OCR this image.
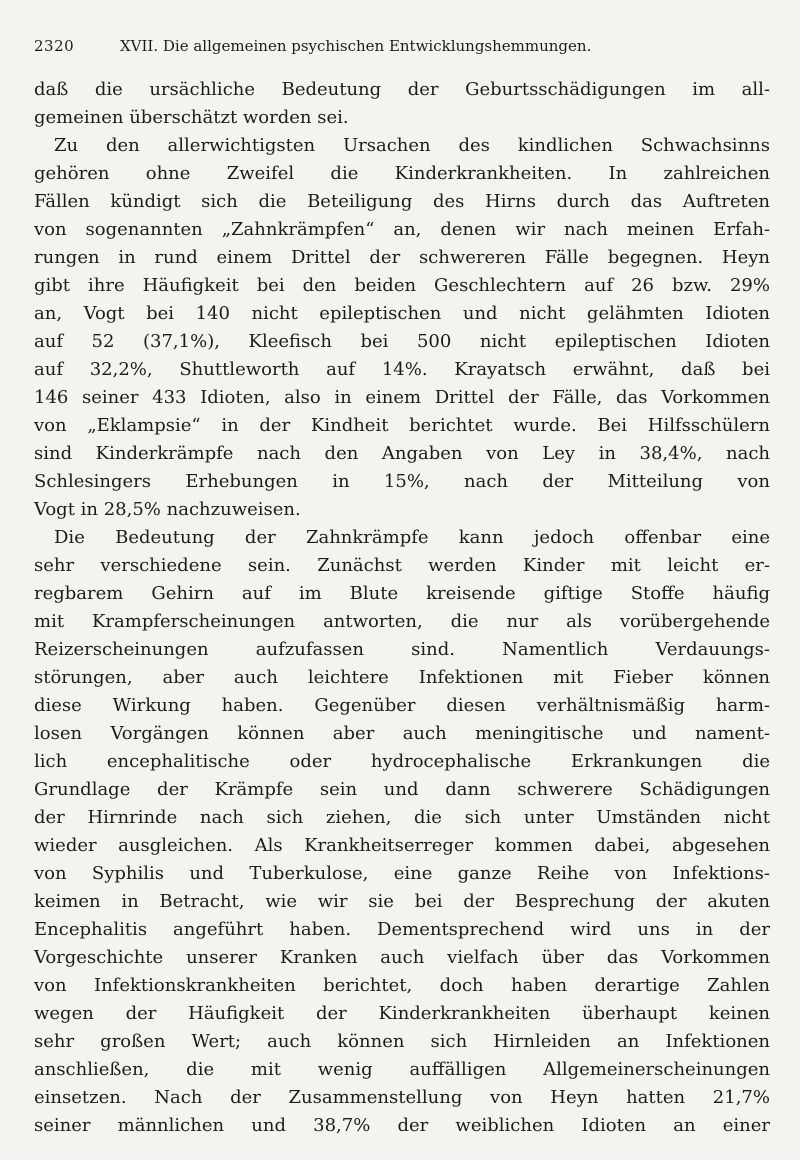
2320	XVII. Die allgemeinen psychischen Entwicklungshemmungen.
daß die ursächliche Bedeutung der Geburtsschädigungen im all-
gemeinen überschätzt worden sei.
Zu den allerwichtigsten Ursachen des kindlichen Schwachsinns
gehören ohne Zweifel die Kinderkrankheiten. In zahlreichen
Fällen kündigt sich die Beteiligung des Hirns durch das Auftreten
von sogenannten „Zahnkrämpfen“ an, denen wir nach meinen Erfah-
rungen in rund einem Drittel der schwereren Fälle begegnen. Heyn
gibt ihre Häufigkeit bei den beiden Geschlechtern auf 26 bzw. 29%
an, Vogt bei 140 nicht epileptischen und nicht gelähmten Idioten
auf 52 (37,1%), Kleefisch bei 500 nicht epileptischen Idioten
auf 32,2%, Shuttleworth auf 14%. Krayatsch erwähnt, daß bei
146 seiner 433 Idioten, also in einem Drittel der Fälle, das Vorkommen
von „Eklampsie“ in der Kindheit berichtet wurde. Bei Hilfsschülern
sind Kinderkrämpfe nach den Angaben von Ley in 38,4%, nach
Schlesingers Erhebungen in 15%, nach der Mitteilung von
Vogt in 28,5% nachzuweisen.
Die Bedeutung der Zahnkrämpfe kann jedoch offenbar eine
sehr verschiedene sein. Zunächst werden Kinder mit leicht er-
regbarem Gehirn auf im Blute kreisende giftige Stoffe häufig
mit Krampferscheinungen antworten, die nur als vorübergehende
Reizerscheinungen aufzufassen sind. Namentlich Verdauungs-
störungen, aber auch leichtere Infektionen mit Fieber können
diese Wirkung haben. Gegenüber diesen verhältnismäßig harm-
losen Vorgängen können aber auch meningitische und nament-
lich encephalitische oder hydrocephalische Erkrankungen die
Grundlage der Krämpfe sein und dann schwerere Schädigungen
der Hirnrinde nach sich ziehen, die sich unter Umständen nicht
wieder ausgleichen. Als Krankheitserreger kommen dabei, abgesehen
von Syphilis und Tuberkulose, eine ganze Reihe von Infektions-
keimen in Betracht, wie wir sie bei der Besprechung der akuten
Encephalitis angeführt haben. Dementsprechend wird uns in der
Vorgeschichte unserer Kranken auch vielfach über das Vorkommen
von Infektionskrankheiten berichtet, doch haben derartige Zahlen
wegen der Häufigkeit der Kinderkrankheiten überhaupt keinen
sehr großen Wert; auch können sich Hirnleiden an Infektionen
anschließen, die mit wenig auffälligen Allgemeinerscheinungen
einsetzen. Nach der Zusammenstellung von Heyn hatten 21,7%
seiner männlichen und 38,7% der weiblichen Idioten an einer
